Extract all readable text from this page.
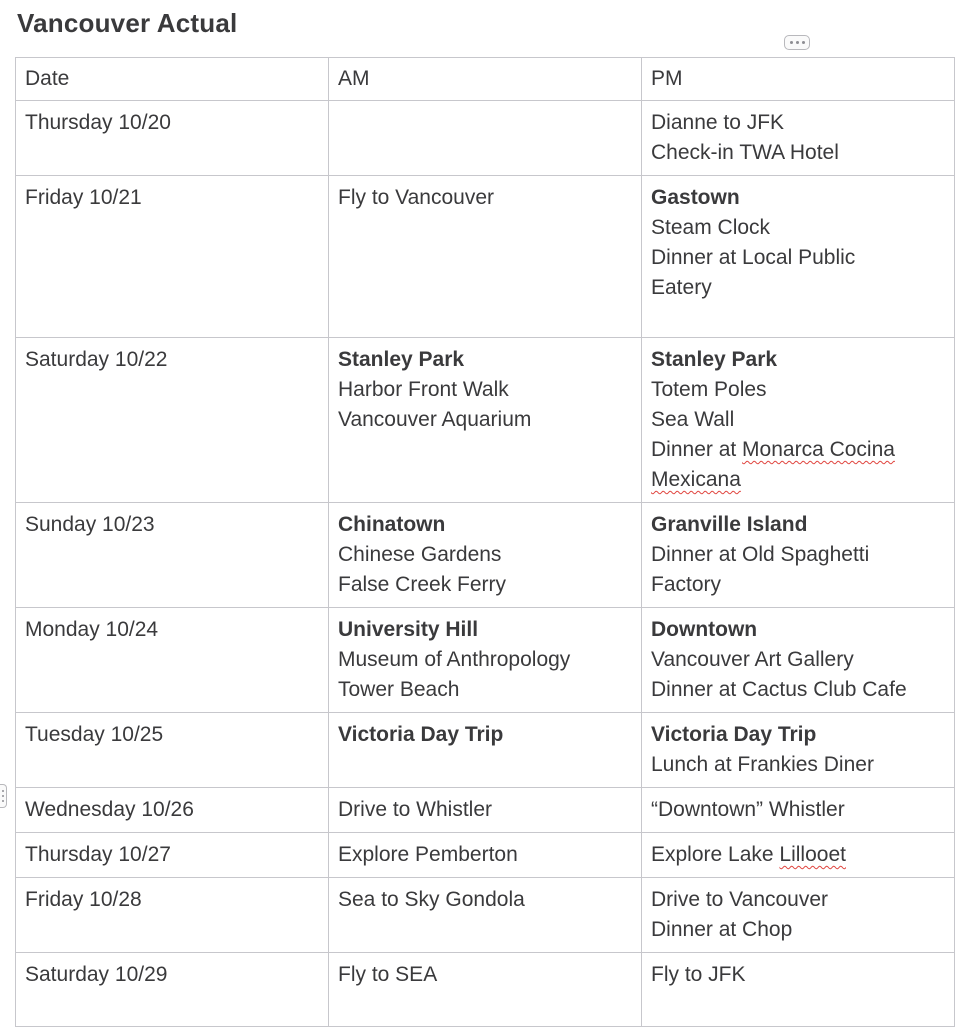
Vancouver Actual
Date	AM	PM
Thursday 10/20		Dianne to JFK
Check-in TWA Hotel

Friday 10/21	Fly to Vancouver	Gastown
Steam Clock
Dinner at Local Public
Eatery

Saturday 10/22	Stanley Park
Harbor Front Walk
Vancouver Aquarium	Stanley Park
Totem Poles
Sea Wall
Dinner at Monarca Cocina
Mexicana

Sunday 10/23	Chinatown
Chinese Gardens
False Creek Ferry	Granville Island
Dinner at Old Spaghetti
Factory

Monday 10/24	University Hill
Museum of Anthropology
Tower Beach	Downtown
Vancouver Art Gallery
Dinner at Cactus Club Cafe

Tuesday 10/25	Victoria Day Trip	Victoria Day Trip
Lunch at Frankies Diner

Wednesday 10/26	Drive to Whistler	“Downtown” Whistler

Thursday 10/27	Explore Pemberton	Explore Lake Lillooet

Friday 10/28	Sea to Sky Gondola	Drive to Vancouver
Dinner at Chop

Saturday 10/29	Fly to SEA	Fly to JFK
